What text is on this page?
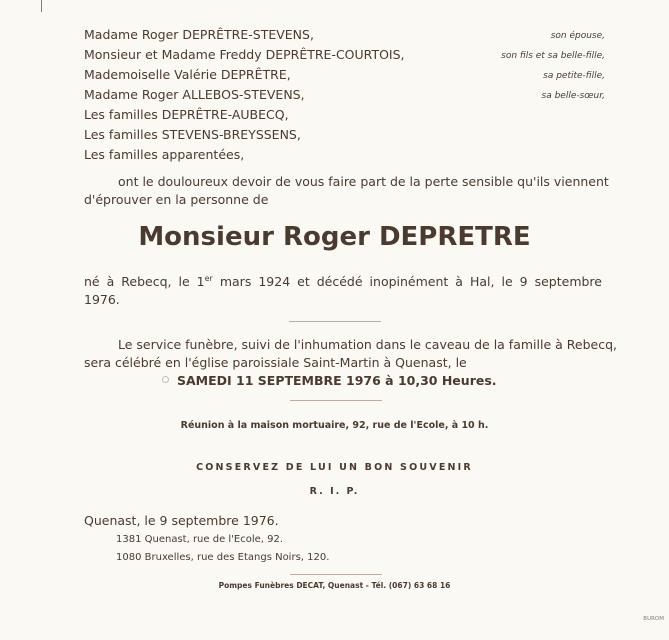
Madame Roger DEPRÊTRE-STEVENS,	son épouse,
Monsieur et Madame Freddy DEPRÊTRE-COURTOIS,	son fils et sa belle-fille,
Mademoiselle Valérie DEPRÊTRE,	sa petite-fille,
Madame Roger ALLEBOS-STEVENS,	sa belle-sœur,
Les familles DEPRÊTRE-AUBECQ,
Les familles STEVENS-BREYSSENS,
Les familles apparentées,
ont le douloureux devoir de vous faire part de la perte sensible qu'ils viennent
d'éprouver en la personne de
Monsieur Roger DEPRETRE
né à Rebecq, le 1er mars 1924 et décédé inopinément à Hal, le 9 septembre
1976.
Le service funèbre, suivi de l'inhumation dans le caveau de la famille à Rebecq,
sera célébré en l'église paroissiale Saint-Martin à Quenast, le
SAMEDI 11 SEPTEMBRE 1976 à 10,30 Heures.
Réunion à la maison mortuaire, 92, rue de l'Ecole, à 10 h.
CONSERVEZ DE LUI UN BON SOUVENIR
R. I. P.
Quenast, le 9 septembre 1976.
1381 Quenast, rue de l'Ecole, 92.
1080 Bruxelles, rue des Etangs Noirs, 120.
Pompes Funèbres DECAT, Quenast - Tél. (067) 63 68 16
BUROM
